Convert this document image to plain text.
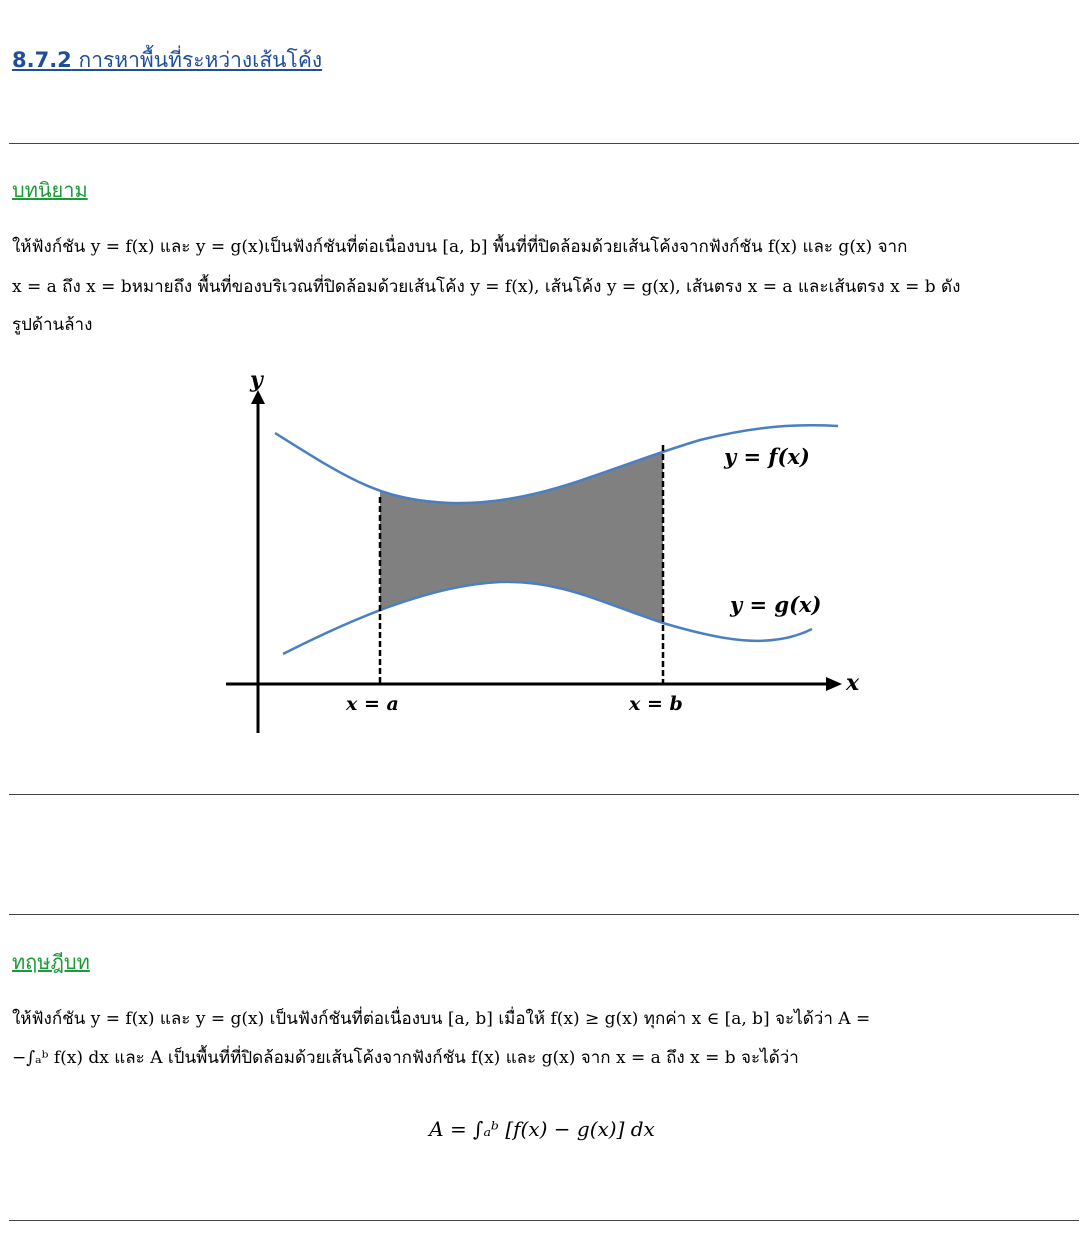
8.7.2 การหาพื้นที่ระหว่างเส้นโค้ง
บทนิยาม
ให้ฟังก์ชัน y = f(x) และ y = g(x)เป็นฟังก์ชันที่ต่อเนื่องบน [a, b] พื้นที่ที่ปิดล้อมด้วยเส้นโค้งจากฟังก์ชัน f(x) และ g(x) จาก
x = a ถึง x = bหมายถึง พื้นที่ของบริเวณที่ปิดล้อมด้วยเส้นโค้ง y = f(x), เส้นโค้ง y = g(x), เส้นตรง x = a และเส้นตรง x = b ดัง
รูปด้านล้าง
y
x
y = f(x)
y = g(x)
x = a	x = b
ทฤษฎีบท
ให้ฟังก์ชัน y = f(x) และ y = g(x) เป็นฟังก์ชันที่ต่อเนื่องบน [a, b] เมื่อให้ f(x) ≥ g(x) ทุกค่า x ∈ [a, b] จะได้ว่า A =
−∫ₐᵇ f(x) dx และ A เป็นพื้นที่ที่ปิดล้อมด้วยเส้นโค้งจากฟังก์ชัน f(x) และ g(x) จาก x = a ถึง x = b จะได้ว่า
A = ∫ₐᵇ [f(x) − g(x)] dx
